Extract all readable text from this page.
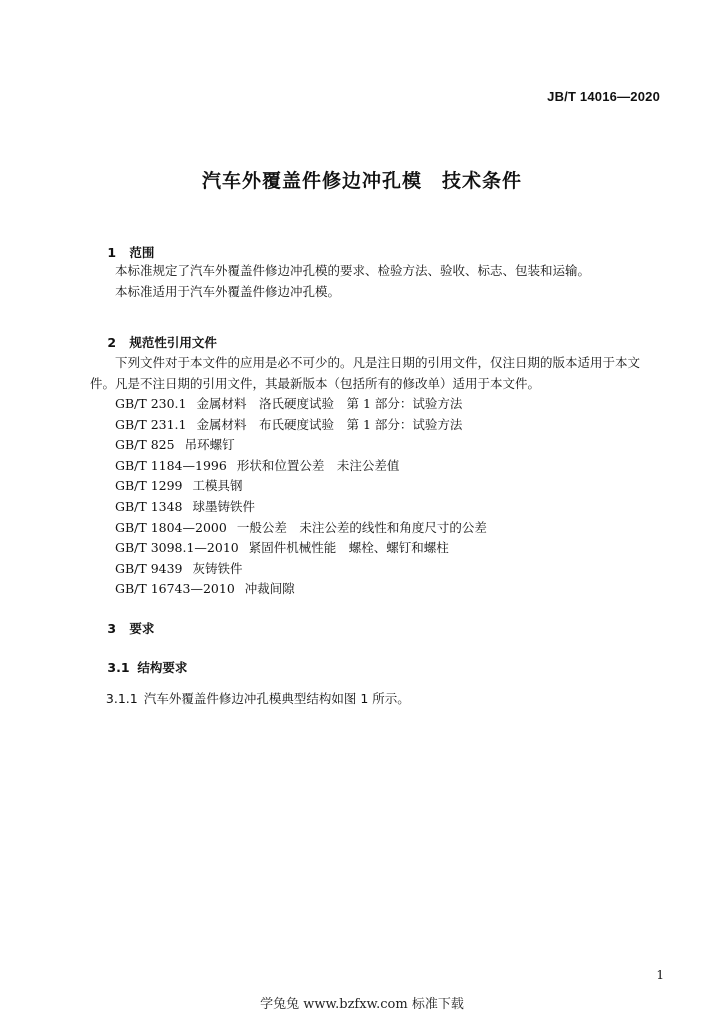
JB/T 14016—2020
汽车外覆盖件修边冲孔模　技术条件

1 范围

本标准规定了汽车外覆盖件修边冲孔模的要求、检验方法、验收、标志、包装和运输。
本标准适用于汽车外覆盖件修边冲孔模。

2 规范性引用文件

下列文件对于本文件的应用是必不可少的。凡是注日期的引用文件，仅注日期的版本适用于本文
件。凡是不注日期的引用文件，其最新版本（包括所有的修改单）适用于本文件。
GB/T 230.1 金属材料　洛氏硬度试验　第 1 部分：试验方法
GB/T 231.1 金属材料　布氏硬度试验　第 1 部分：试验方法
GB/T 825 吊环螺钉
GB/T 1184—1996 形状和位置公差　未注公差值
GB/T 1299 工模具钢
GB/T 1348 球墨铸铁件
GB/T 1804—2000 一般公差　未注公差的线性和角度尺寸的公差
GB/T 3098.1—2010 紧固件机械性能　螺栓、螺钉和螺柱
GB/T 9439 灰铸铁件
GB/T 16743—2010 冲裁间隙

3 要求

3.1 结构要求

3.1.1 汽车外覆盖件修边冲孔模典型结构如图 1 所示。

1
学兔兔 www.bzfxw.com 标准下载
